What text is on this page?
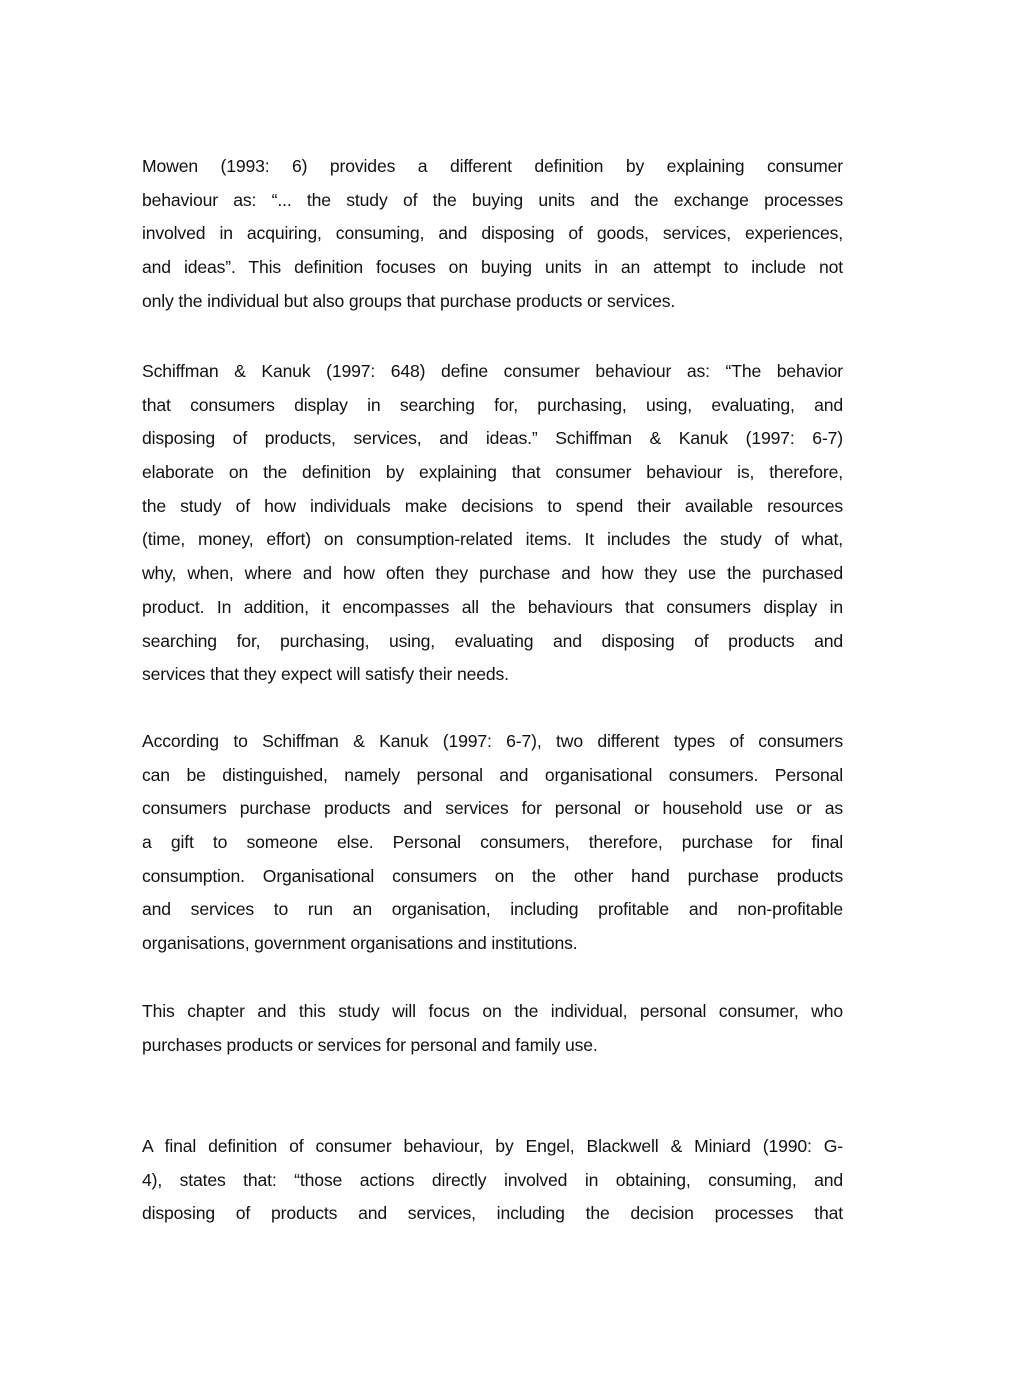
Mowen (1993: 6) provides a different definition by explaining consumer
behaviour as: “... the study of the buying units and the exchange processes
involved in acquiring, consuming, and disposing of goods, services, experiences,
and ideas”. This definition focuses on buying units in an attempt to include not
only the individual but also groups that purchase products or services.
Schiffman & Kanuk (1997: 648) define consumer behaviour as: “The behavior
that consumers display in searching for, purchasing, using, evaluating, and
disposing of products, services, and ideas.” Schiffman & Kanuk (1997: 6-7)
elaborate on the definition by explaining that consumer behaviour is, therefore,
the study of how individuals make decisions to spend their available resources
(time, money, effort) on consumption-related items. It includes the study of what,
why, when, where and how often they purchase and how they use the purchased
product. In addition, it encompasses all the behaviours that consumers display in
searching for, purchasing, using, evaluating and disposing of products and
services that they expect will satisfy their needs.
According to Schiffman & Kanuk (1997: 6-7), two different types of consumers
can be distinguished, namely personal and organisational consumers. Personal
consumers purchase products and services for personal or household use or as
a gift to someone else. Personal consumers, therefore, purchase for final
consumption. Organisational consumers on the other hand purchase products
and services to run an organisation, including profitable and non-profitable
organisations, government organisations and institutions.
This chapter and this study will focus on the individual, personal consumer, who
purchases products or services for personal and family use.
A final definition of consumer behaviour, by Engel, Blackwell & Miniard (1990: G-
4), states that: “those actions directly involved in obtaining, consuming, and
disposing of products and services, including the decision processes that
